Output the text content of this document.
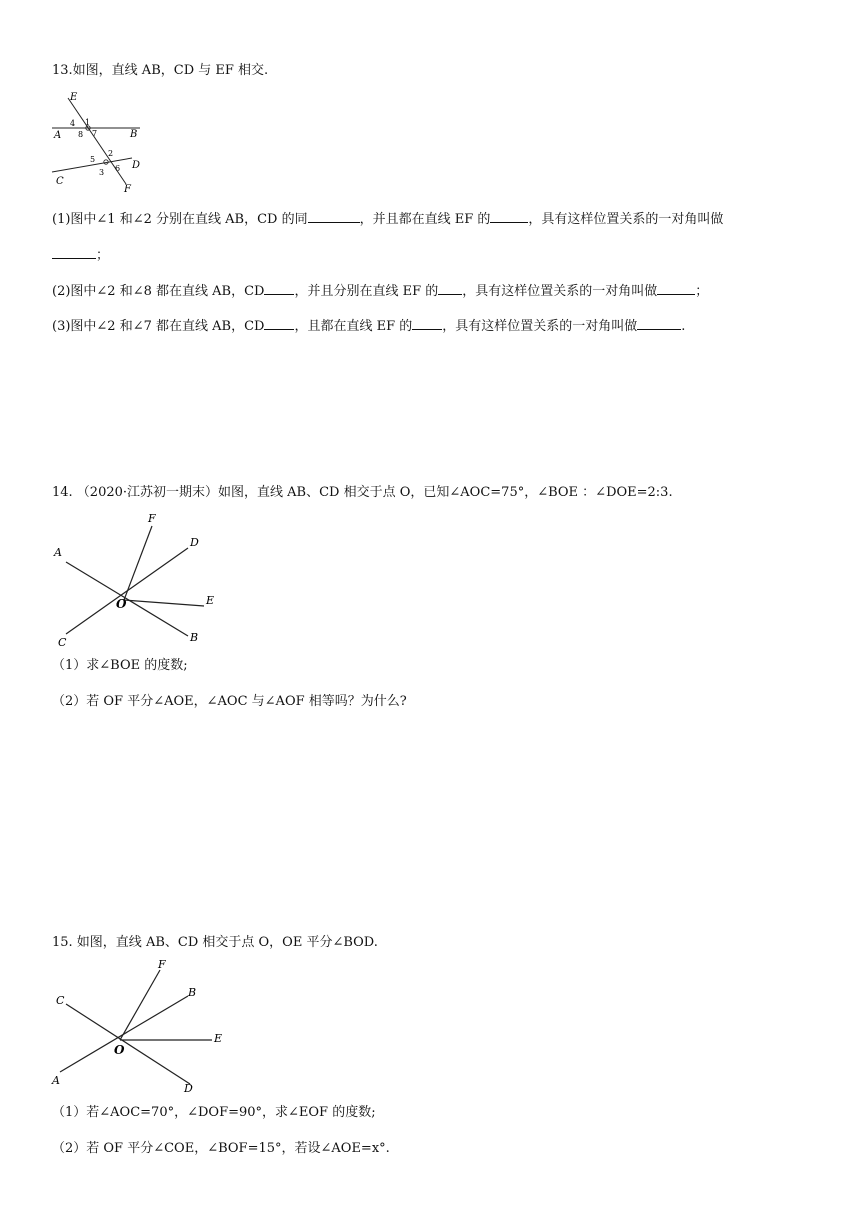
13.如图，直线 AB，CD 与 EF 相交.
E
A	B
C
D
F
1
2
3
4
5
6
7
8
(1)图中∠1 和∠2 分别在直线 AB，CD 的同	，并且都在直线 EF 的	，具有这样位置关系的一对角叫做
；
(2)图中∠2 和∠8 都在直线 AB，CD ，并且分别在直线 EF 的 ，具有这样位置关系的一对角叫做	；
(3)图中∠2 和∠7 都在直线 AB，CD ，且都在直线 EF 的 ，具有这样位置关系的一对角叫做	.
14. （2020·江苏初一期末）如图，直线 AB、CD 相交于点 O，已知∠AOC=75°，∠BOE ：∠DOE=2:3.
A
F
D
E
O
C	B
（1）求∠BOE 的度数;
（2）若 OF 平分∠AOE，∠AOC 与∠AOF 相等吗？为什么?
15. 如图，直线 AB、CD 相交于点 O，OE 平分∠BOD.
F
C
B
E
O
A
D
（1）若∠AOC=70°，∠DOF=90°，求∠EOF 的度数;
（2）若 OF 平分∠COE，∠BOF=15°，若设∠AOE=x°.
